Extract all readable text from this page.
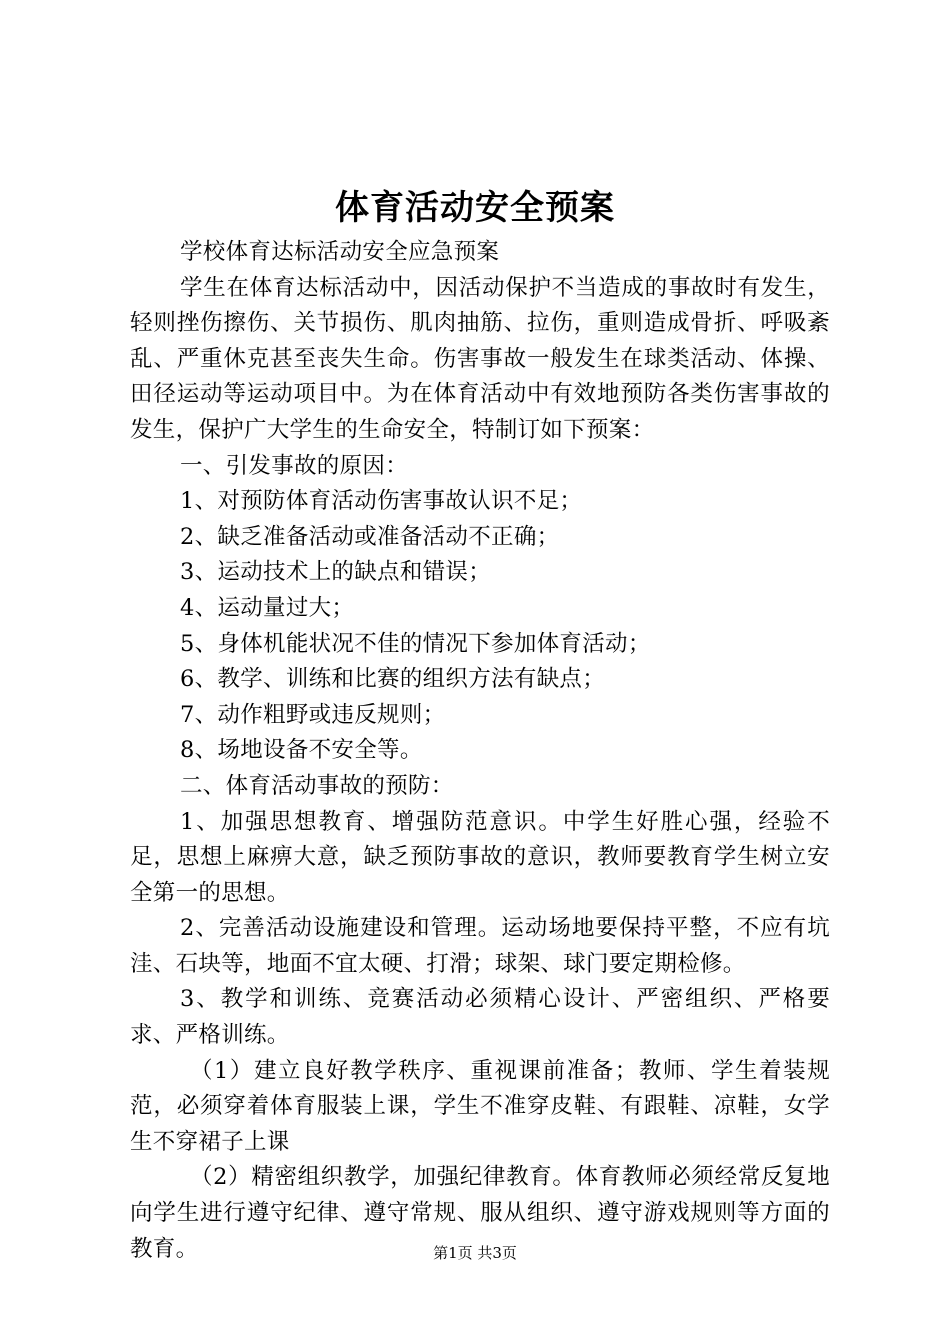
体育活动安全预案

学校体育达标活动安全应急预案

学生在体育达标活动中，因活动保护不当造成的事故时有发生，轻则挫伤擦伤、关节损伤、肌肉抽筋、拉伤，重则造成骨折、呼吸紊乱、严重休克甚至丧失生命。伤害事故一般发生在球类活动、体操、田径运动等运动项目中。为在体育活动中有效地预防各类伤害事故的发生，保护广大学生的生命安全，特制订如下预案：

一、引发事故的原因：

1、对预防体育活动伤害事故认识不足；

2、缺乏准备活动或准备活动不正确；

3、运动技术上的缺点和错误；

4、运动量过大；

5、身体机能状况不佳的情况下参加体育活动；

6、教学、训练和比赛的组织方法有缺点；

7、动作粗野或违反规则；

8、场地设备不安全等。

二、体育活动事故的预防：

1、加强思想教育、增强防范意识。中学生好胜心强，经验不足，思想上麻痹大意，缺乏预防事故的意识，教师要教育学生树立安全第一的思想。

2、完善活动设施建设和管理。运动场地要保持平整，不应有坑洼、石块等，地面不宜太硬、打滑；球架、球门要定期检修。

3、教学和训练、竞赛活动必须精心设计、严密组织、严格要求、严格训练。

（1）建立良好教学秩序、重视课前准备；教师、学生着装规范，必须穿着体育服装上课，学生不准穿皮鞋、有跟鞋、凉鞋，女学生不穿裙子上课

（2）精密组织教学，加强纪律教育。体育教师必须经常反复地向学生进行遵守纪律、遵守常规、服从组织、遵守游戏规则等方面的教育。	第1页 共3页
